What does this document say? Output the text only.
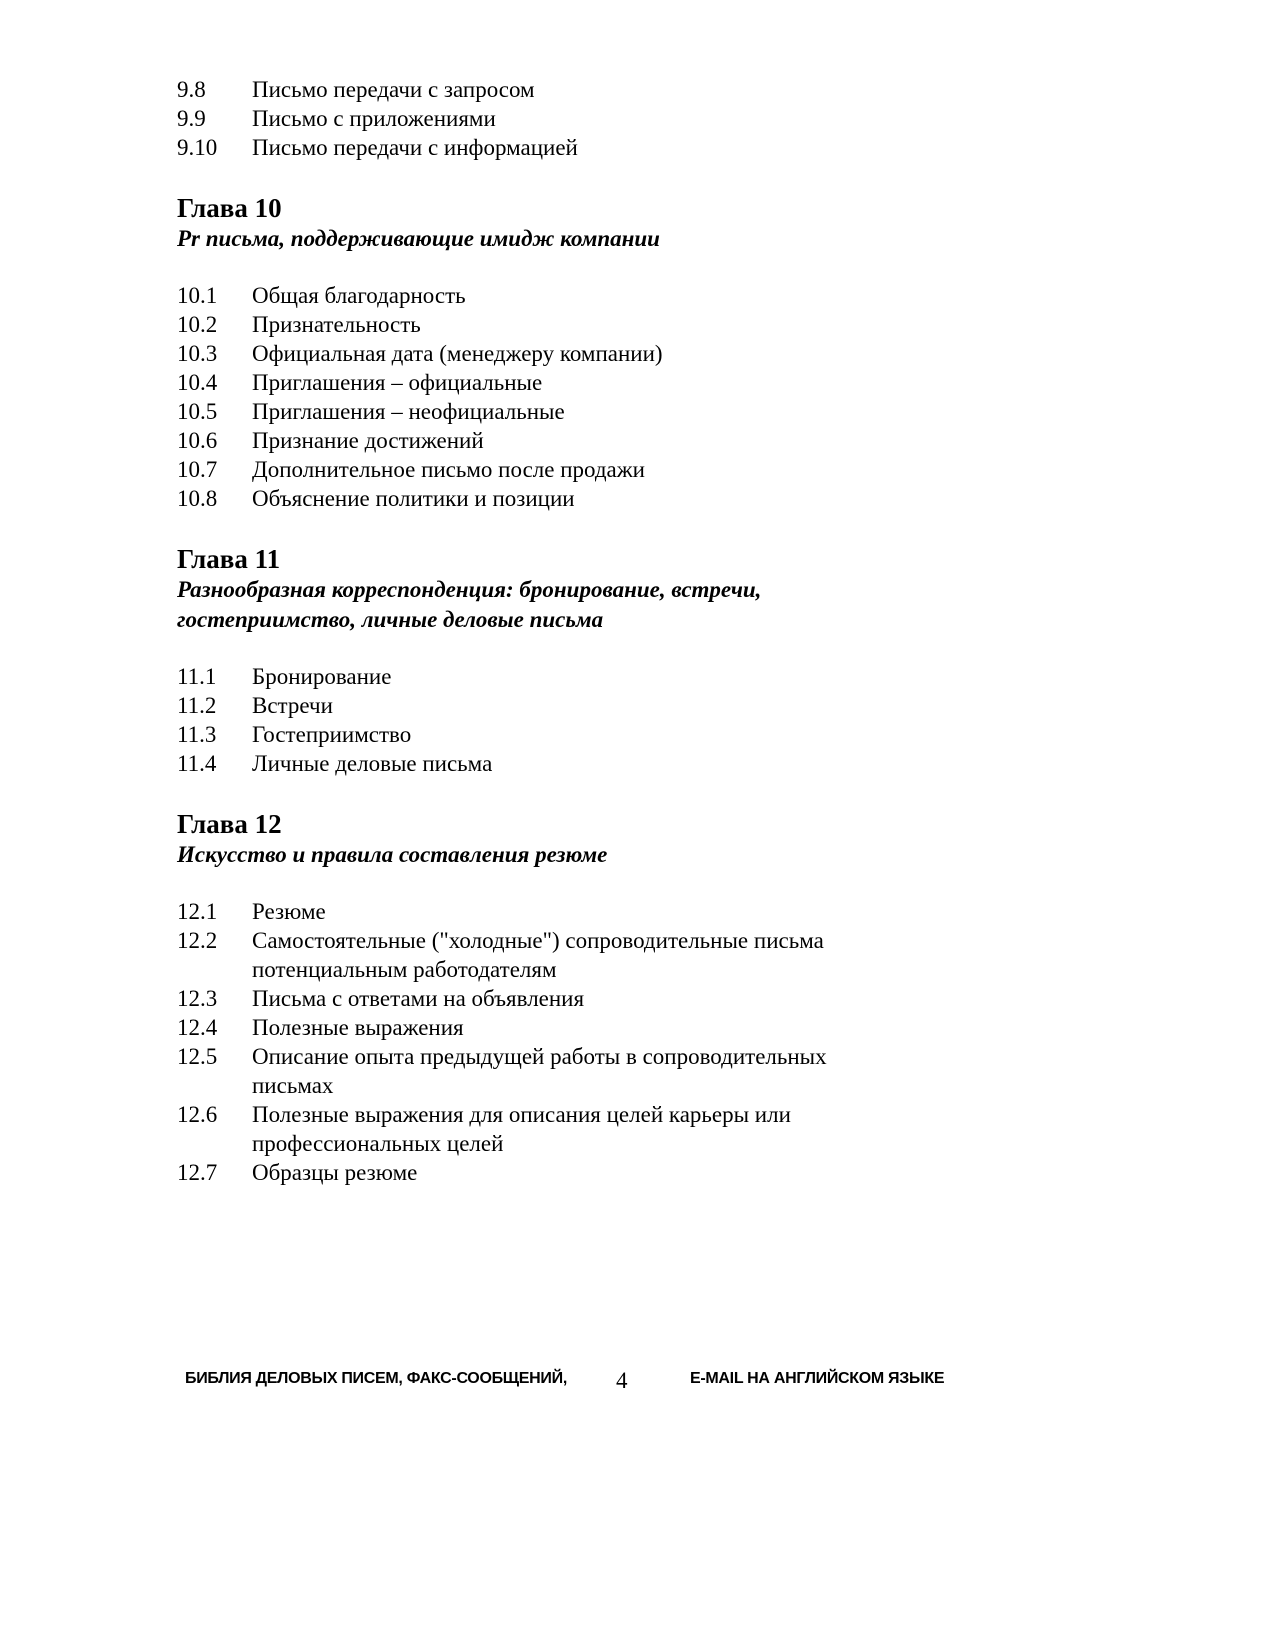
9.8	Письмо передачи с запросом
9.9	Письмо с приложениями
9.10	Письмо передачи с информацией
Глава 10
Pr письма, поддерживающие имидж компании
10.1	Общая благодарность
10.2	Признательность
10.3	Официальная дата (менеджеру компании)
10.4	Приглашения – официальные
10.5	Приглашения – неофициальные
10.6	Признание достижений
10.7	Дополнительное письмо после продажи
10.8	Объяснение политики и позиции
Глава 11
Разнообразная корреспонденция: бронирование, встречи, гостеприимство, личные деловые письма
11.1	Бронирование
11.2	Встречи
11.3	Гостеприимство
11.4	Личные деловые письма
Глава 12
Искусство и правила составления резюме
12.1	Резюме
12.2	Самостоятельные ("холодные") сопроводительные письма потенциальным работодателям
12.3	Письма с ответами на объявления
12.4	Полезные выражения
12.5	Описание опыта предыдущей работы в сопроводительных письмах
12.6	Полезные выражения для описания целей карьеры или профессиональных целей
12.7	Образцы резюме
БИБЛИЯ ДЕЛОВЫХ ПИСЕМ, ФАКС-СООБЩЕНИЙ, 4	E-MAIL НА АНГЛИЙСКОМ ЯЗЫКЕ
